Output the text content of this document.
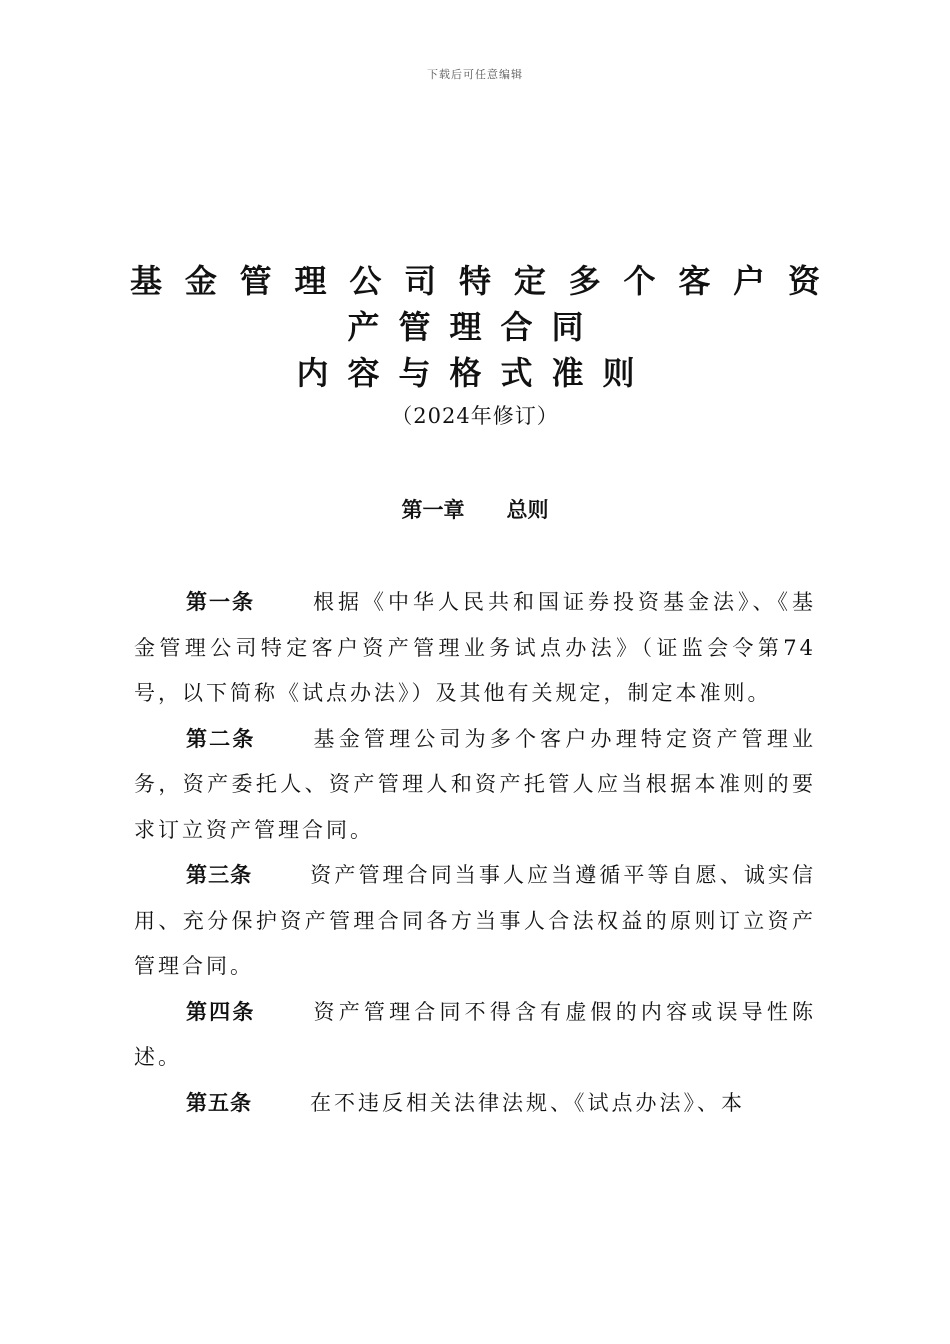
下载后可任意编辑
基金管理公司特定多个客户资
产管理合同
内容与格式准则
（2024年修订）
第一章　　总则

第一条	根据《中华人民共和国证券投资基金法》、《基金管理公司特定客户资产管理业务试点办法》（证监会令第74号，以下简称《试点办法》）及其他有关规定，制定本准则。

第二条	基金管理公司为多个客户办理特定资产管理业务，资产委托人、资产管理人和资产托管人应当根据本准则的要求订立资产管理合同。

第三条	资产管理合同当事人应当遵循平等自愿、诚实信用、充分保护资产管理合同各方当事人合法权益的原则订立资产管理合同。

第四条	资产管理合同不得含有虚假的内容或误导性陈述。

第五条	在不违反相关法律法规、《试点办法》、本
